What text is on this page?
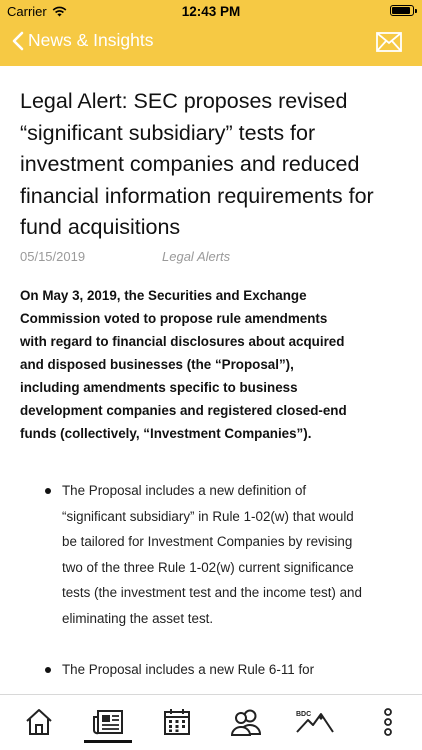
Carrier	12:43 PM
News & Insights
Legal Alert: SEC proposes revised “significant subsidiary” tests for investment companies and reduced financial information requirements for fund acquisitions
05/15/2019	Legal Alerts

On May 3, 2019, the Securities and Exchange Commission voted to propose rule amendments with regard to financial disclosures about acquired and disposed businesses (the “Proposal”), including amendments specific to business development companies and registered closed-end funds (collectively, “Investment Companies”).

The Proposal includes a new definition of “significant subsidiary” in Rule 1-02(w) that would be tailored for Investment Companies by revising two of the three Rule 1-02(w) current significance tests (the investment test and the income test) and eliminating the asset test.
The Proposal includes a new Rule 6-11 for
BDC
